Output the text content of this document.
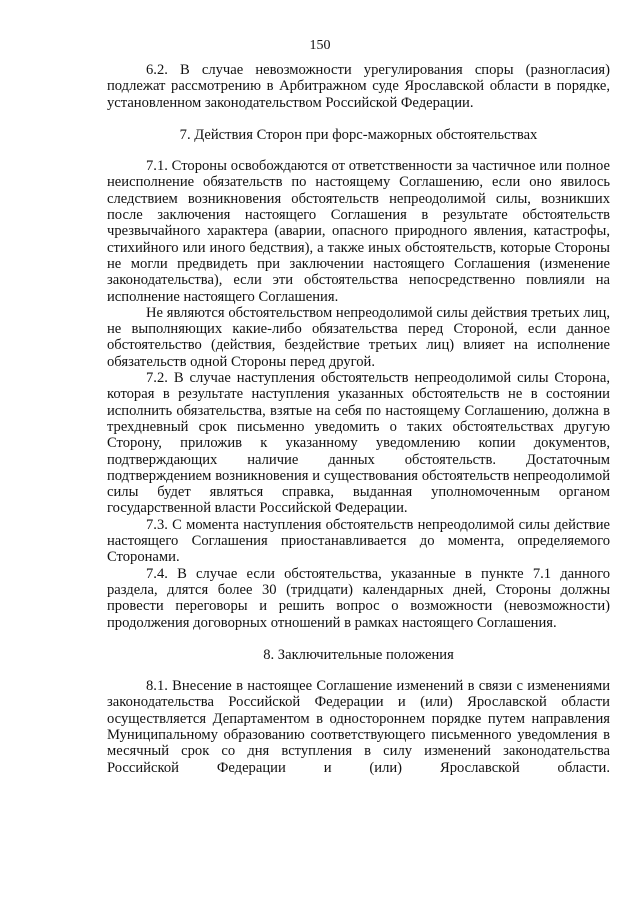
150

6.2. В случае невозможности урегулирования споры (разногласия) подлежат рассмотрению в Арбитражном суде Ярославской области в порядке, установленном законодательством Российской Федерации.

7. Действия Сторон при форс-мажорных обстоятельствах

7.1. Стороны освобождаются от ответственности за частичное или полное неисполнение обязательств по настоящему Соглашению, если оно явилось следствием возникновения обстоятельств непреодолимой силы, возникших после заключения настоящего Соглашения в результате обстоятельств чрезвычайного характера (аварии, опасного природного явления, катастрофы, стихийного или иного бедствия), а также иных обстоятельств, которые Стороны не могли предвидеть при заключении настоящего Соглашения (изменение законодательства), если эти обстоятельства непосредственно повлияли на исполнение настоящего Соглашения.

Не являются обстоятельством непреодолимой силы действия третьих лиц, не выполняющих какие-либо обязательства перед Стороной, если данное обстоятельство (действия, бездействие третьих лиц) влияет на исполнение обязательств одной Стороны перед другой.

7.2. В случае наступления обстоятельств непреодолимой силы Сторона, которая в результате наступления указанных обстоятельств не в состоянии исполнить обязательства, взятые на себя по настоящему Соглашению, должна в трехдневный срок письменно уведомить о таких обстоятельствах другую Сторону, приложив к указанному уведомлению копии документов, подтверждающих наличие данных обстоятельств. Достаточным подтверждением возникновения и существования обстоятельств непреодолимой силы будет являться справка, выданная уполномоченным органом государственной власти Российской Федерации.

7.3. С момента наступления обстоятельств непреодолимой силы действие настоящего Соглашения приостанавливается до момента, определяемого Сторонами.

7.4. В случае если обстоятельства, указанные в пункте 7.1 данного раздела, длятся более 30 (тридцати) календарных дней, Стороны должны провести переговоры и решить вопрос о возможности (невозможности) продолжения договорных отношений в рамках настоящего Соглашения.

8. Заключительные положения

8.1. Внесение в настоящее Соглашение изменений в связи с изменениями законодательства Российской Федерации и (или) Ярославской области осуществляется Департаментом в одностороннем порядке путем направления Муниципальному образованию соответствующего письменного уведомления в месячный срок со дня вступления в силу изменений законодательства Российской Федерации и (или) Ярославской области.
